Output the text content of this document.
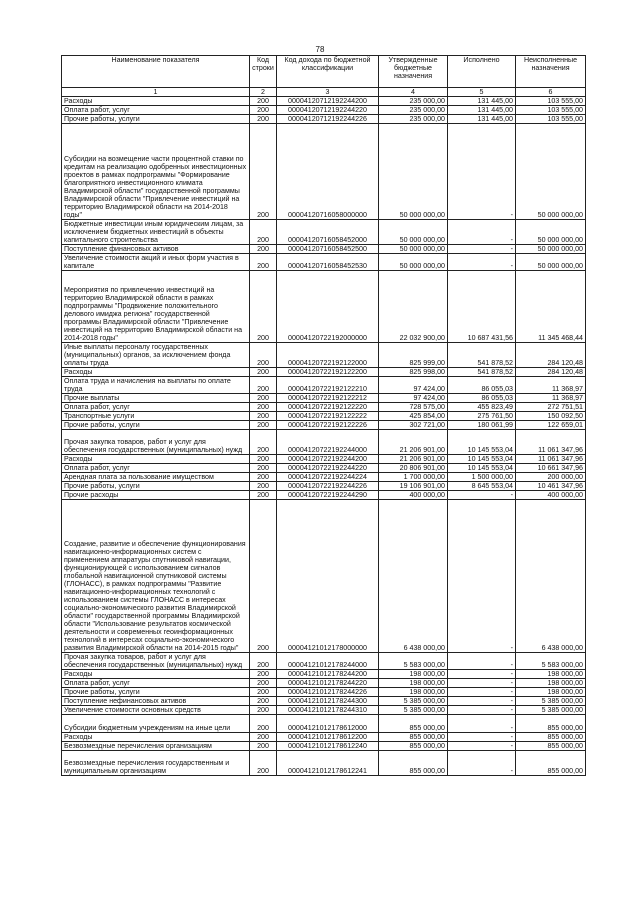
78
Наименование показателя	Код строки	Код дохода по бюджетной классификации	Утвержденные бюджетные назначения	Исполнено	Неисполненные назначения
1	2	3	4	5	6
Расходы	200	00004120712192244200	235 000,00	131 445,00	103 555,00
Оплата работ, услуг	200	00004120712192244220	235 000,00	131 445,00	103 555,00
Прочие работы, услуги	200	00004120712192244226	235 000,00	131 445,00	103 555,00
Субсидии на возмещение части процентной ставки по кредитам на реализацию одобренных инвестиционных проектов в рамках подпрограммы "Формирование благоприятного инвестиционного климата Владимирской области" государственной программы Владимирской области "Привлечение инвестиций на территорию Владимирской области на 2014-2018 годы"	200	00004120716058000000	50 000 000,00	-	50 000 000,00
Бюджетные инвестиции иным юридическим лицам, за исключением бюджетных инвестиций в объекты капитального строительства	200	00004120716058452000	50 000 000,00	-	50 000 000,00
Поступление финансовых активов	200	00004120716058452500	50 000 000,00	-	50 000 000,00
Увеличение стоимости акций и иных форм участия в капитале	200	00004120716058452530	50 000 000,00	-	50 000 000,00
Мероприятия по привлечению инвестиций на территорию Владимирской области в рамках подпрограммы "Продвижение положительного делового имиджа региона" государственной программы Владимирской области "Привлечение инвестиций на территорию Владимирской области на 2014-2018 годы"	200	00004120722192000000	22 032 900,00	10 687 431,56	11 345 468,44
Иные выплаты персоналу государственных (муниципальных) органов, за исключением фонда оплаты труда	200	00004120722192122000	825 999,00	541 878,52	284 120,48
Расходы	200	00004120722192122200	825 998,00	541 878,52	284 120,48
Оплата труда и начисления на выплаты по оплате труда	200	00004120722192122210	97 424,00	86 055,03	11 368,97
Прочие выплаты	200	00004120722192122212	97 424,00	86 055,03	11 368,97
Оплата работ, услуг	200	00004120722192122220	728 575,00	455 823,49	272 751,51
Транспортные услуги	200	00004120722192122222	425 854,00	275 761,50	150 092,50
Прочие работы, услуги	200	00004120722192122226	302 721,00	180 061,99	122 659,01
Прочая закупка товаров, работ и услуг для обеспечения государственных (муниципальных) нужд	200	00004120722192244000	21 206 901,00	10 145 553,04	11 061 347,96
Расходы	200	00004120722192244200	21 206 901,00	10 145 553,04	11 061 347,96
Оплата работ, услуг	200	00004120722192244220	20 806 901,00	10 145 553,04	10 661 347,96
Арендная плата за пользование имуществом	200	00004120722192244224	1 700 000,00	1 500 000,00	200 000,00
Прочие работы, услуги	200	00004120722192244226	19 106 901,00	8 645 553,04	10 461 347,96
Прочие расходы	200	00004120722192244290	400 000,00	-	400 000,00
Создание, развитие и обеспечение функционирования навигационно-информационных систем с применением аппаратуры спутниковой навигации, функционирующей с использованием сигналов глобальной навигационной спутниковой системы (ГЛОНАСС), в рамках подпрограммы "Развитие навигационно-информационных технологий с использованием системы ГЛОНАСС в интересах социально-экономического развития Владимирской области" государственной программы Владимирской области "Использование результатов космической деятельности и современных геоинформационных технологий в интересах социально-экономического развития Владимирской области на 2014-2015 годы"	200	00004121012178000000	6 438 000,00	-	6 438 000,00
Прочая закупка товаров, работ и услуг для обеспечения государственных (муниципальных) нужд	200	00004121012178244000	5 583 000,00	-	5 583 000,00
Расходы	200	00004121012178244200	198 000,00	-	198 000,00
Оплата работ, услуг	200	00004121012178244220	198 000,00	-	198 000,00
Прочие работы, услуги	200	00004121012178244226	198 000,00	-	198 000,00
Поступление нефинансовых активов	200	00004121012178244300	5 385 000,00	-	5 385 000,00
Увеличение стоимости основных средств	200	00004121012178244310	5 385 000,00	-	5 385 000,00
Субсидии бюджетным учреждениям на иные цели	200	00004121012178612000	855 000,00	-	855 000,00
Расходы	200	00004121012178612200	855 000,00	-	855 000,00
Безвозмездные перечисления организациям	200	00004121012178612240	855 000,00	-	855 000,00
Безвозмездные перечисления государственным и муниципальным организациям	200	00004121012178612241	855 000,00	-	855 000,00
